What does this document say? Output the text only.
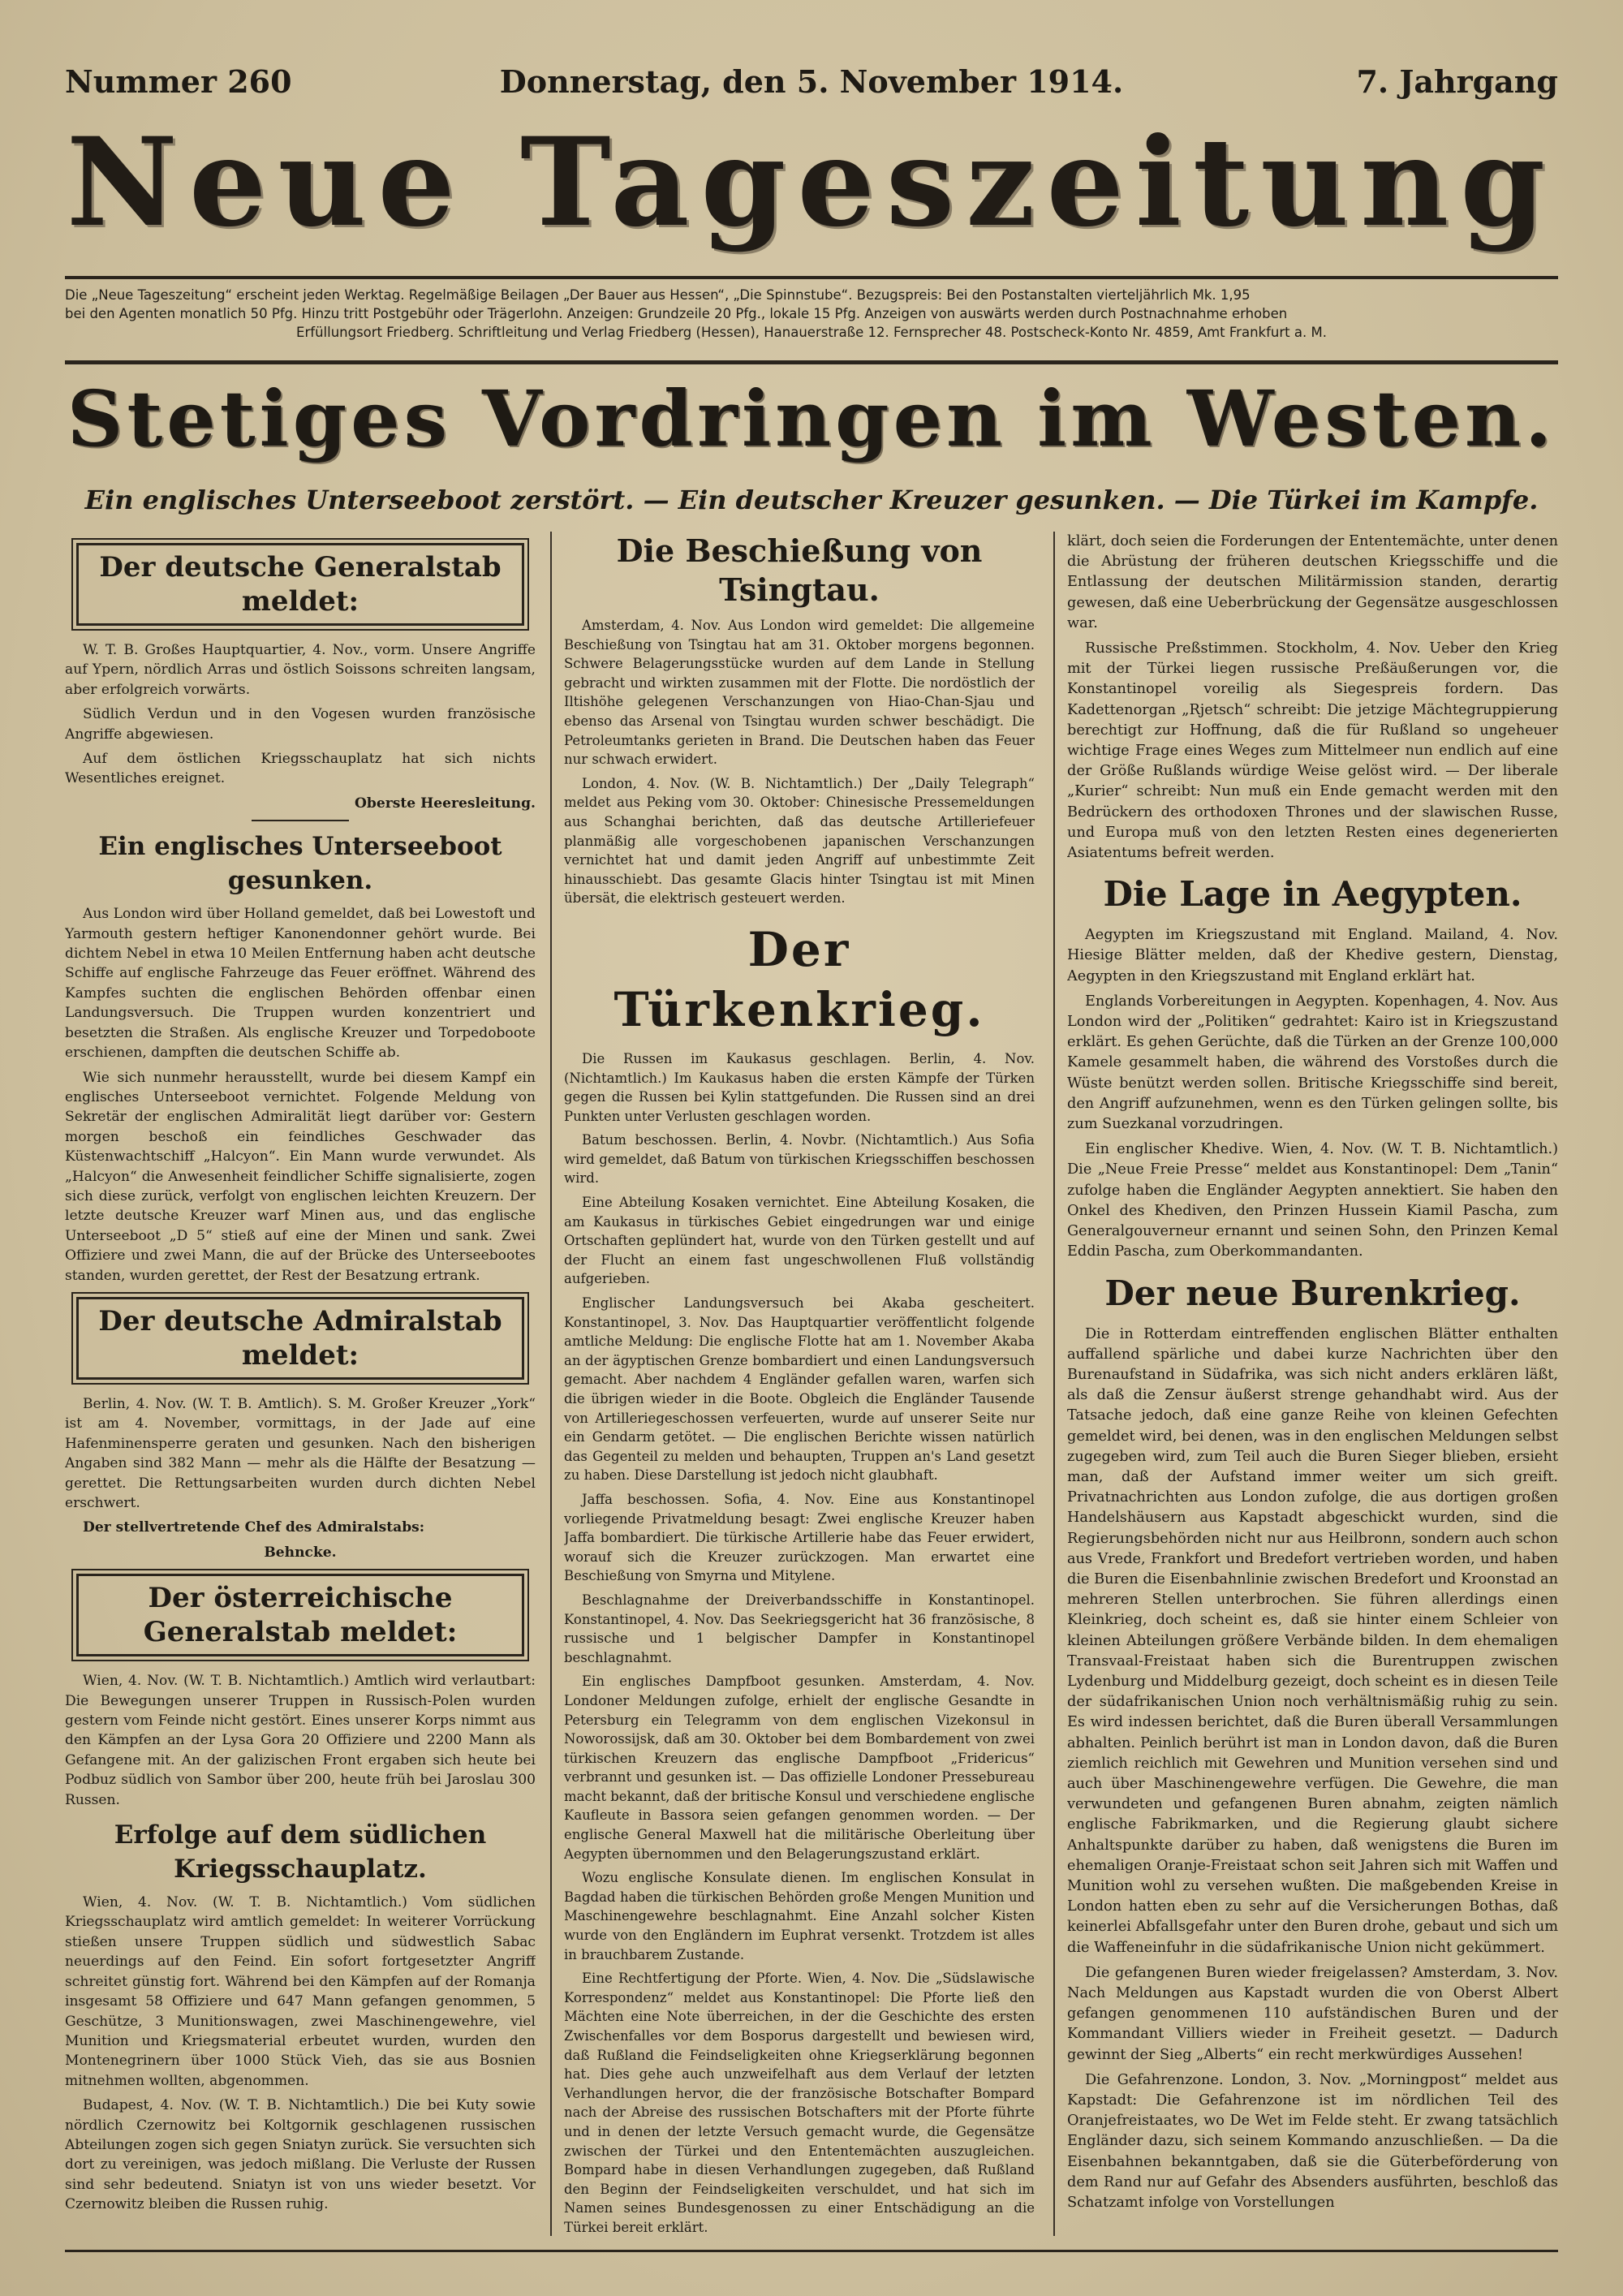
Nummer 260	Donnerstag, den 5. November 1914.	7. Jahrgang
Neue Tageszeitung
Die „Neue Tageszeitung“ erscheint jeden Werktag. Regelmäßige Beilagen „Der Bauer aus Hessen“, „Die Spinnstube“. Bezugspreis: Bei den Postanstalten vierteljährlich Mk. 1,95
bei den Agenten monatlich 50 Pfg. Hinzu tritt Postgebühr oder Trägerlohn. Anzeigen: Grundzeile 20 Pfg., lokale 15 Pfg. Anzeigen von auswärts werden durch Postnachnahme erhoben
Erfüllungsort Friedberg. Schriftleitung und Verlag Friedberg (Hessen), Hanauerstraße 12. Fernsprecher 48. Postscheck-Konto Nr. 4859, Amt Frankfurt a. M.
Stetiges Vordringen im Westen.
Ein englisches Unterseeboot zerstört. — Ein deutscher Kreuzer gesunken. — Die Türkei im Kampfe.
Der deutsche Generalstab meldet:

W. T. B. Großes Hauptquartier, 4. Nov., vorm. Unsere Angriffe auf Ypern, nördlich Arras und östlich Soissons schreiten langsam, aber erfolgreich vorwärts.

Südlich Verdun und in den Vogesen wurden französische Angriffe abgewiesen.

Auf dem östlichen Kriegsschauplatz hat sich nichts Wesentliches ereignet.

Oberste Heeresleitung.

Ein englisches Unterseeboot gesunken.

Aus London wird über Holland gemeldet, daß bei Lowestoft und Yarmouth gestern heftiger Kanonendonner gehört wurde. Bei dichtem Nebel in etwa 10 Meilen Entfernung haben acht deutsche Schiffe auf englische Fahrzeuge das Feuer eröffnet. Während des Kampfes suchten die englischen Behörden offenbar einen Landungsversuch. Die Truppen wurden konzentriert und besetzten die Straßen. Als englische Kreuzer und Torpedoboote erschienen, dampften die deutschen Schiffe ab.

Wie sich nunmehr herausstellt, wurde bei diesem Kampf ein englisches Unterseeboot vernichtet. Folgende Meldung von Sekretär der englischen Admiralität liegt darüber vor: Gestern morgen beschoß ein feindliches Geschwader das Küstenwachtschiff „Halcyon“. Ein Mann wurde verwundet. Als „Halcyon“ die Anwesenheit feindlicher Schiffe signalisierte, zogen sich diese zurück, verfolgt von englischen leichten Kreuzern. Der letzte deutsche Kreuzer warf Minen aus, und das englische Unterseeboot „D 5“ stieß auf eine der Minen und sank. Zwei Offiziere und zwei Mann, die auf der Brücke des Unterseebootes standen, wurden gerettet, der Rest der Besatzung ertrank.

Der deutsche Admiralstab meldet:

Berlin, 4. Nov. (W. T. B. Amtlich). S. M. Großer Kreuzer „York“ ist am 4. November, vormittags, in der Jade auf eine Hafenminensperre geraten und gesunken. Nach den bisherigen Angaben sind 382 Mann — mehr als die Hälfte der Besatzung — gerettet. Die Rettungsarbeiten wurden durch dichten Nebel erschwert.

Der stellvertretende Chef des Admiralstabs:

Behncke.

Der österreichische Generalstab meldet:

Wien, 4. Nov. (W. T. B. Nichtamtlich.) Amtlich wird verlautbart: Die Bewegungen unserer Truppen in Russisch-Polen wurden gestern vom Feinde nicht gestört. Eines unserer Korps nimmt aus den Kämpfen an der Lysa Gora 20 Offiziere und 2200 Mann als Gefangene mit. An der galizischen Front ergaben sich heute bei Podbuz südlich von Sambor über 200, heute früh bei Jaroslau 300 Russen.

Erfolge auf dem südlichen Kriegsschauplatz.

Wien, 4. Nov. (W. T. B. Nichtamtlich.) Vom südlichen Kriegsschauplatz wird amtlich gemeldet: In weiterer Vorrückung stießen unsere Truppen südlich und südwestlich Sabac neuerdings auf den Feind. Ein sofort fortgesetzter Angriff schreitet günstig fort. Während bei den Kämpfen auf der Romanja insgesamt 58 Offiziere und 647 Mann gefangen genommen, 5 Geschütze, 3 Munitionswagen, zwei Maschinengewehre, viel Munition und Kriegsmaterial erbeutet wurden, wurden den Montenegrinern über 1000 Stück Vieh, das sie aus Bosnien mitnehmen wollten, abgenommen.

Budapest, 4. Nov. (W. T. B. Nichtamtlich.) Die bei Kuty sowie nördlich Czernowitz bei Koltgornik geschlagenen russischen Abteilungen zogen sich gegen Sniatyn zurück. Sie versuchten sich dort zu vereinigen, was jedoch mißlang. Die Verluste der Russen sind sehr bedeutend. Sniatyn ist von uns wieder besetzt. Vor Czernowitz bleiben die Russen ruhig.

Die Beschießung von Tsingtau.

Amsterdam, 4. Nov. Aus London wird gemeldet: Die allgemeine Beschießung von Tsingtau hat am 31. Oktober morgens begonnen. Schwere Belagerungsstücke wurden auf dem Lande in Stellung gebracht und wirkten zusammen mit der Flotte. Die nordöstlich der Iltishöhe gelegenen Verschanzungen von Hiao-Chan-Sjau und ebenso das Arsenal von Tsingtau wurden schwer beschädigt. Die Petroleumtanks gerieten in Brand. Die Deutschen haben das Feuer nur schwach erwidert.

London, 4. Nov. (W. B. Nichtamtlich.) Der „Daily Telegraph“ meldet aus Peking vom 30. Oktober: Chinesische Pressemeldungen aus Schanghai berichten, daß das deutsche Artilleriefeuer planmäßig alle vorgeschobenen japanischen Verschanzungen vernichtet hat und damit jeden Angriff auf unbestimmte Zeit hinausschiebt. Das gesamte Glacis hinter Tsingtau ist mit Minen übersät, die elektrisch gesteuert werden.

Der Türkenkrieg.

Die Russen im Kaukasus geschlagen. Berlin, 4. Nov. (Nichtamtlich.) Im Kaukasus haben die ersten Kämpfe der Türken gegen die Russen bei Kylin stattgefunden. Die Russen sind an drei Punkten unter Verlusten geschlagen worden.

Batum beschossen. Berlin, 4. Novbr. (Nichtamtlich.) Aus Sofia wird gemeldet, daß Batum von türkischen Kriegsschiffen beschossen wird.

Eine Abteilung Kosaken vernichtet. Eine Abteilung Kosaken, die am Kaukasus in türkisches Gebiet eingedrungen war und einige Ortschaften geplündert hat, wurde von den Türken gestellt und auf der Flucht an einem fast ungeschwollenen Fluß vollständig aufgerieben.

Englischer Landungsversuch bei Akaba gescheitert. Konstantinopel, 3. Nov. Das Hauptquartier veröffentlicht folgende amtliche Meldung: Die englische Flotte hat am 1. November Akaba an der ägyptischen Grenze bombardiert und einen Landungsversuch gemacht. Aber nachdem 4 Engländer gefallen waren, warfen sich die übrigen wieder in die Boote. Obgleich die Engländer Tausende von Artilleriegeschossen verfeuerten, wurde auf unserer Seite nur ein Gendarm getötet. — Die englischen Berichte wissen natürlich das Gegenteil zu melden und behaupten, Truppen an's Land gesetzt zu haben. Diese Darstellung ist jedoch nicht glaubhaft.

Jaffa beschossen. Sofia, 4. Nov. Eine aus Konstantinopel vorliegende Privatmeldung besagt: Zwei englische Kreuzer haben Jaffa bombardiert. Die türkische Artillerie habe das Feuer erwidert, worauf sich die Kreuzer zurückzogen. Man erwartet eine Beschießung von Smyrna und Mitylene.

Beschlagnahme der Dreiverbandsschiffe in Konstantinopel. Konstantinopel, 4. Nov. Das Seekriegsgericht hat 36 französische, 8 russische und 1 belgischer Dampfer in Konstantinopel beschlagnahmt.

Ein englisches Dampfboot gesunken. Amsterdam, 4. Nov. Londoner Meldungen zufolge, erhielt der englische Gesandte in Petersburg ein Telegramm von dem englischen Vizekonsul in Noworossijsk, daß am 30. Oktober bei dem Bombardement von zwei türkischen Kreuzern das englische Dampfboot „Fridericus“ verbrannt und gesunken ist. — Das offizielle Londoner Pressebureau macht bekannt, daß der britische Konsul und verschiedene englische Kaufleute in Bassora seien gefangen genommen worden. — Der englische General Maxwell hat die militärische Oberleitung über Aegypten übernommen und den Belagerungszustand erklärt.

Wozu englische Konsulate dienen. Im englischen Konsulat in Bagdad haben die türkischen Behörden große Mengen Munition und Maschinengewehre beschlagnahmt. Eine Anzahl solcher Kisten wurde von den Engländern im Euphrat versenkt. Trotzdem ist alles in brauchbarem Zustande.

Eine Rechtfertigung der Pforte. Wien, 4. Nov. Die „Südslawische Korrespondenz“ meldet aus Konstantinopel: Die Pforte ließ den Mächten eine Note überreichen, in der die Geschichte des ersten Zwischenfalles vor dem Bosporus dargestellt und bewiesen wird, daß Rußland die Feindseligkeiten ohne Kriegserklärung begonnen hat. Dies gehe auch unzweifelhaft aus dem Verlauf der letzten Verhandlungen hervor, die der französische Botschafter Bompard nach der Abreise des russischen Botschafters mit der Pforte führte und in denen der letzte Versuch gemacht wurde, die Gegensätze zwischen der Türkei und den Ententemächten auszugleichen. Bompard habe in diesen Verhandlungen zugegeben, daß Rußland den Beginn der Feindseligkeiten verschuldet, und hat sich im Namen seines Bundesgenossen zu einer Entschädigung an die Türkei bereit erklärt.

klärt, doch seien die Forderungen der Ententemächte, unter denen die Abrüstung der früheren deutschen Kriegsschiffe und die Entlassung der deutschen Militärmission standen, derartig gewesen, daß eine Ueberbrückung der Gegensätze ausgeschlossen war.

Russische Preßstimmen. Stockholm, 4. Nov. Ueber den Krieg mit der Türkei liegen russische Preßäußerungen vor, die Konstantinopel voreilig als Siegespreis fordern. Das Kadettenorgan „Rjetsch“ schreibt: Die jetzige Mächtegruppierung berechtigt zur Hoffnung, daß die für Rußland so ungeheuer wichtige Frage eines Weges zum Mittelmeer nun endlich auf eine der Größe Rußlands würdige Weise gelöst wird. — Der liberale „Kurier“ schreibt: Nun muß ein Ende gemacht werden mit den Bedrückern des orthodoxen Thrones und der slawischen Russe, und Europa muß von den letzten Resten eines degenerierten Asiatentums befreit werden.

Die Lage in Aegypten.

Aegypten im Kriegszustand mit England. Mailand, 4. Nov. Hiesige Blätter melden, daß der Khedive gestern, Dienstag, Aegypten in den Kriegszustand mit England erklärt hat.

Englands Vorbereitungen in Aegypten. Kopenhagen, 4. Nov. Aus London wird der „Politiken“ gedrahtet: Kairo ist in Kriegszustand erklärt. Es gehen Gerüchte, daß die Türken an der Grenze 100,000 Kamele gesammelt haben, die während des Vorstoßes durch die Wüste benützt werden sollen. Britische Kriegsschiffe sind bereit, den Angriff aufzunehmen, wenn es den Türken gelingen sollte, bis zum Suezkanal vorzudringen.

Ein englischer Khedive. Wien, 4. Nov. (W. T. B. Nichtamtlich.) Die „Neue Freie Presse“ meldet aus Konstantinopel: Dem „Tanin“ zufolge haben die Engländer Aegypten annektiert. Sie haben den Onkel des Khediven, den Prinzen Hussein Kiamil Pascha, zum Generalgouverneur ernannt und seinen Sohn, den Prinzen Kemal Eddin Pascha, zum Oberkommandanten.

Der neue Burenkrieg.

Die in Rotterdam eintreffenden englischen Blätter enthalten auffallend spärliche und dabei kurze Nachrichten über den Burenaufstand in Südafrika, was sich nicht anders erklären läßt, als daß die Zensur äußerst strenge gehandhabt wird. Aus der Tatsache jedoch, daß eine ganze Reihe von kleinen Gefechten gemeldet wird, bei denen, was in den englischen Meldungen selbst zugegeben wird, zum Teil auch die Buren Sieger blieben, ersieht man, daß der Aufstand immer weiter um sich greift. Privatnachrichten aus London zufolge, die aus dortigen großen Handelshäusern aus Kapstadt abgeschickt wurden, sind die Regierungsbehörden nicht nur aus Heilbronn, sondern auch schon aus Vrede, Frankfort und Bredefort vertrieben worden, und haben die Buren die Eisenbahnlinie zwischen Bredefort und Kroonstad an mehreren Stellen unterbrochen. Sie führen allerdings einen Kleinkrieg, doch scheint es, daß sie hinter einem Schleier von kleinen Abteilungen größere Verbände bilden. In dem ehemaligen Transvaal-Freistaat haben sich die Burentruppen zwischen Lydenburg und Middelburg gezeigt, doch scheint es in diesen Teile der südafrikanischen Union noch verhältnismäßig ruhig zu sein. Es wird indessen berichtet, daß die Buren überall Versammlungen abhalten. Peinlich berührt ist man in London davon, daß die Buren ziemlich reichlich mit Gewehren und Munition versehen sind und auch über Maschinengewehre verfügen. Die Gewehre, die man verwundeten und gefangenen Buren abnahm, zeigten nämlich englische Fabrikmarken, und die Regierung glaubt sichere Anhaltspunkte darüber zu haben, daß wenigstens die Buren im ehemaligen Oranje-Freistaat schon seit Jahren sich mit Waffen und Munition wohl zu versehen wußten. Die maßgebenden Kreise in London hatten eben zu sehr auf die Versicherungen Bothas, daß keinerlei Abfallsgefahr unter den Buren drohe, gebaut und sich um die Waffeneinfuhr in die südafrikanische Union nicht gekümmert.

Die gefangenen Buren wieder freigelassen? Amsterdam, 3. Nov. Nach Meldungen aus Kapstadt wurden die von Oberst Albert gefangen genommenen 110 aufständischen Buren und der Kommandant Villiers wieder in Freiheit gesetzt. — Dadurch gewinnt der Sieg „Alberts“ ein recht merkwürdiges Aussehen!

Die Gefahrenzone. London, 3. Nov. „Morningpost“ meldet aus Kapstadt: Die Gefahrenzone ist im nördlichen Teil des Oranjefreistaates, wo De Wet im Felde steht. Er zwang tatsächlich Engländer dazu, sich seinem Kommando anzuschließen. — Da die Eisenbahnen bekanntgaben, daß sie die Güterbeförderung von dem Rand nur auf Gefahr des Absenders ausführten, beschloß das Schatzamt infolge von Vorstellungen
